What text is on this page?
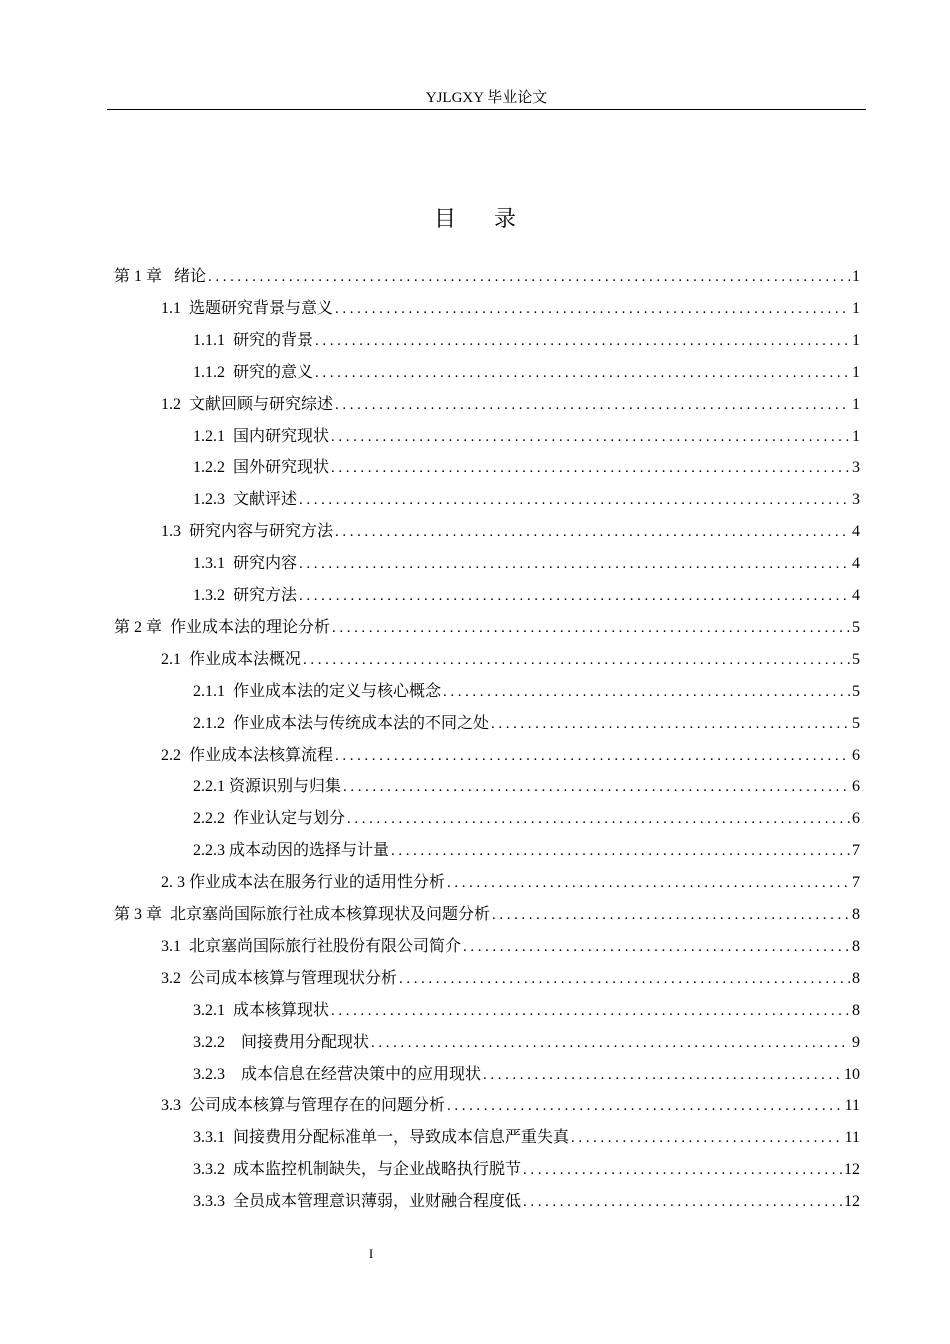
YJLGXY 毕业论文
目录
第 1 章 绪论 .....	1
1.1 选题研究背景与意义 .....	1
1.1.1 研究的背景 .....	1
1.1.2 研究的意义 .....	1
1.2 文献回顾与研究综述 .....	1
1.2.1 国内研究现状 .....	1
1.2.2 国外研究现状 .....	3
1.2.3 文献评述 .....	3
1.3 研究内容与研究方法 .....	4
1.3.1 研究内容 .....	4
1.3.2 研究方法 .....	4
第 2 章 作业成本法的理论分析 .....	5
2.1 作业成本法概况 .....	5
2.1.1 作业成本法的定义与核心概念 .....	5
2.1.2 作业成本法与传统成本法的不同之处 .....	5
2.2 作业成本法核算流程 .....	6
2.2.1 资源识别与归集 .....	6
2.2.2 作业认定与划分 .....	6
2.2.3 成本动因的选择与计量 .....	7
2. 3 作业成本法在服务行业的适用性分析 .....	7
第 3 章 北京塞尚国际旅行社成本核算现状及问题分析 .....	8
3.1 北京塞尚国际旅行社股份有限公司简介 .....	8
3.2 公司成本核算与管理现状分析 .....	8
3.2.1 成本核算现状 .....	8
3.2.2 间接费用分配现状 .....	9
3.2.3 成本信息在经营决策中的应用现状 .....	10
3.3 公司成本核算与管理存在的问题分析 .....	11
3.3.1 间接费用分配标准单一，导致成本信息严重失真 .....	11
3.3.2 成本监控机制缺失，与企业战略执行脱节 .....	12
3.3.3 全员成本管理意识薄弱，业财融合程度低 .....	12
I
